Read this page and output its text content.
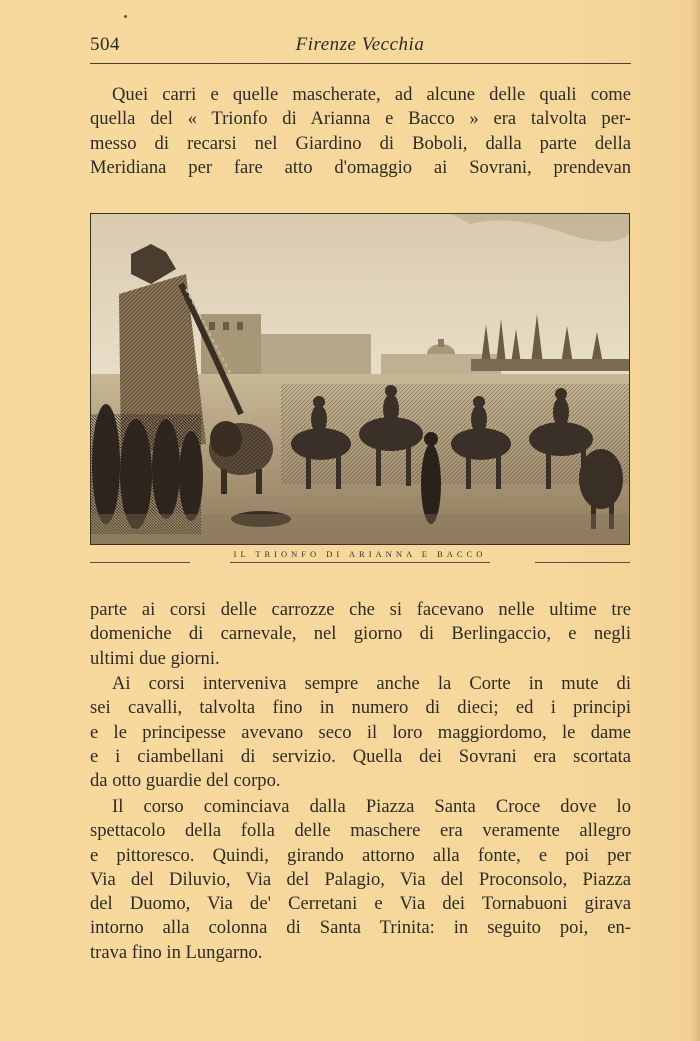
504	Firenze Vecchia
Quei carri e quelle mascherate, ad alcune delle quali come
quella del « Trionfo di Arianna e Bacco » era talvolta per-
messo di recarsi nel Giardino di Boboli, dalla parte della
Meridiana per fare atto d'omaggio ai Sovrani, prendevan
IL TRIONFO DI ARIANNA E BACCO
parte ai corsi delle carrozze che si facevano nelle ultime tre
domeniche di carnevale, nel giorno di Berlingaccio, e negli
ultimi due giorni.
Ai corsi interveniva sempre anche la Corte in mute di
sei cavalli, talvolta fino in numero di dieci; ed i principi
e le principesse avevano seco il loro maggiordomo, le dame
e i ciambellani di servizio. Quella dei Sovrani era scortata
da otto guardie del corpo.
Il corso cominciava dalla Piazza Santa Croce dove lo
spettacolo della folla delle maschere era veramente allegro
e pittoresco. Quindi, girando attorno alla fonte, e poi per
Via del Diluvio, Via del Palagio, Via del Proconsolo, Piazza
del Duomo, Via de' Cerretani e Via dei Tornabuoni girava
intorno alla colonna di Santa Trinita: in seguito poi, en-
trava fino in Lungarno.
